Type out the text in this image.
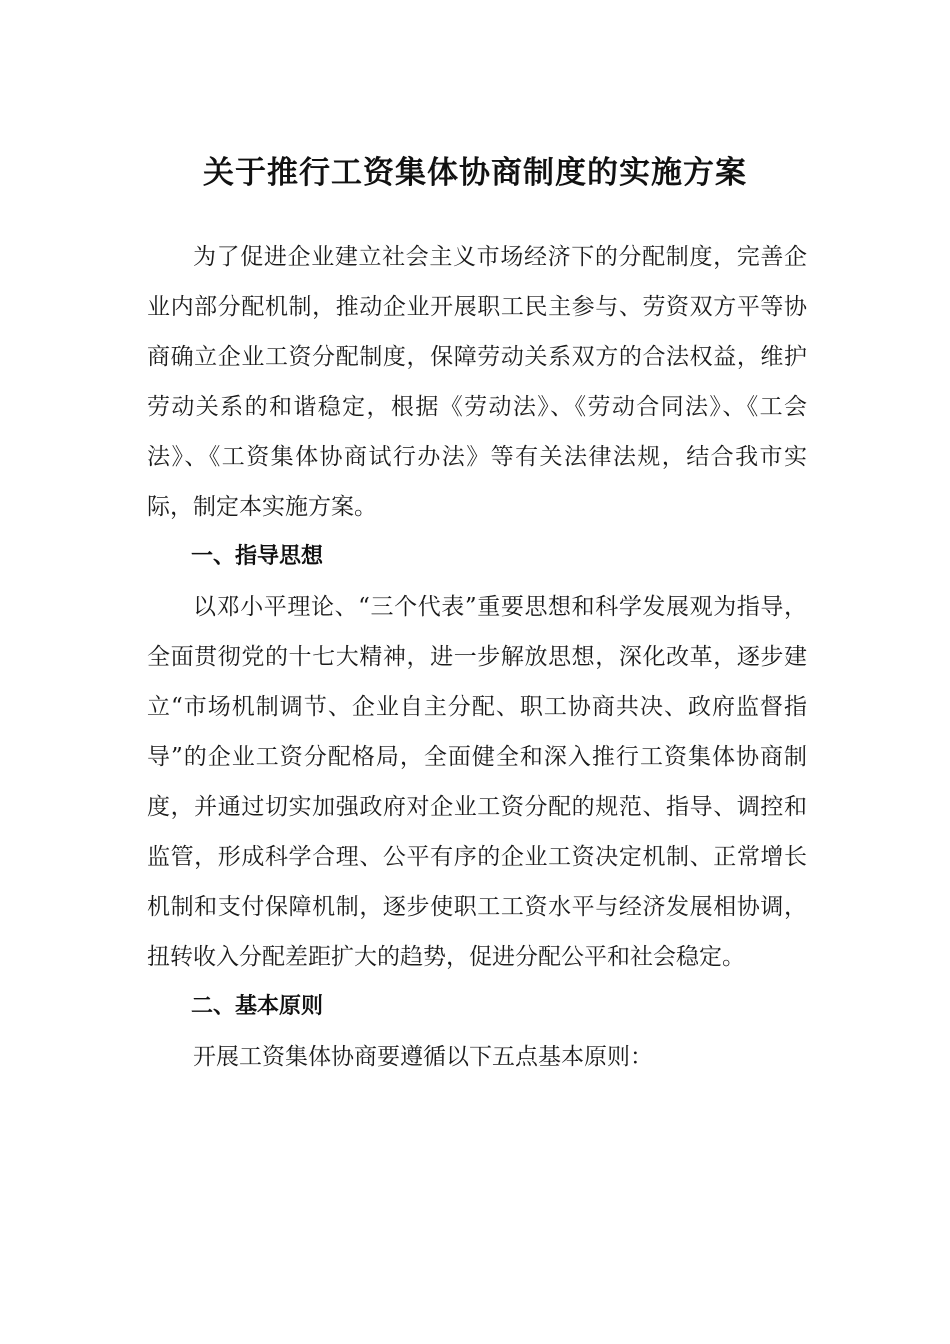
关于推行工资集体协商制度的实施方案

为了促进企业建立社会主义市场经济下的分配制度，完善企业内部分配机制，推动企业开展职工民主参与、劳资双方平等协商确立企业工资分配制度，保障劳动关系双方的合法权益，维护劳动关系的和谐稳定，根据《劳动法》、《劳动合同法》、《工会法》、《工资集体协商试行办法》等有关法律法规，结合我市实际，制定本实施方案。

一、指导思想

以邓小平理论、“三个代表”重要思想和科学发展观为指导，全面贯彻党的十七大精神，进一步解放思想，深化改革，逐步建立“市场机制调节、企业自主分配、职工协商共决、政府监督指导”的企业工资分配格局，全面健全和深入推行工资集体协商制度，并通过切实加强政府对企业工资分配的规范、指导、调控和监管，形成科学合理、公平有序的企业工资决定机制、正常增长机制和支付保障机制，逐步使职工工资水平与经济发展相协调，扭转收入分配差距扩大的趋势，促进分配公平和社会稳定。

二、基本原则

开展工资集体协商要遵循以下五点基本原则：
